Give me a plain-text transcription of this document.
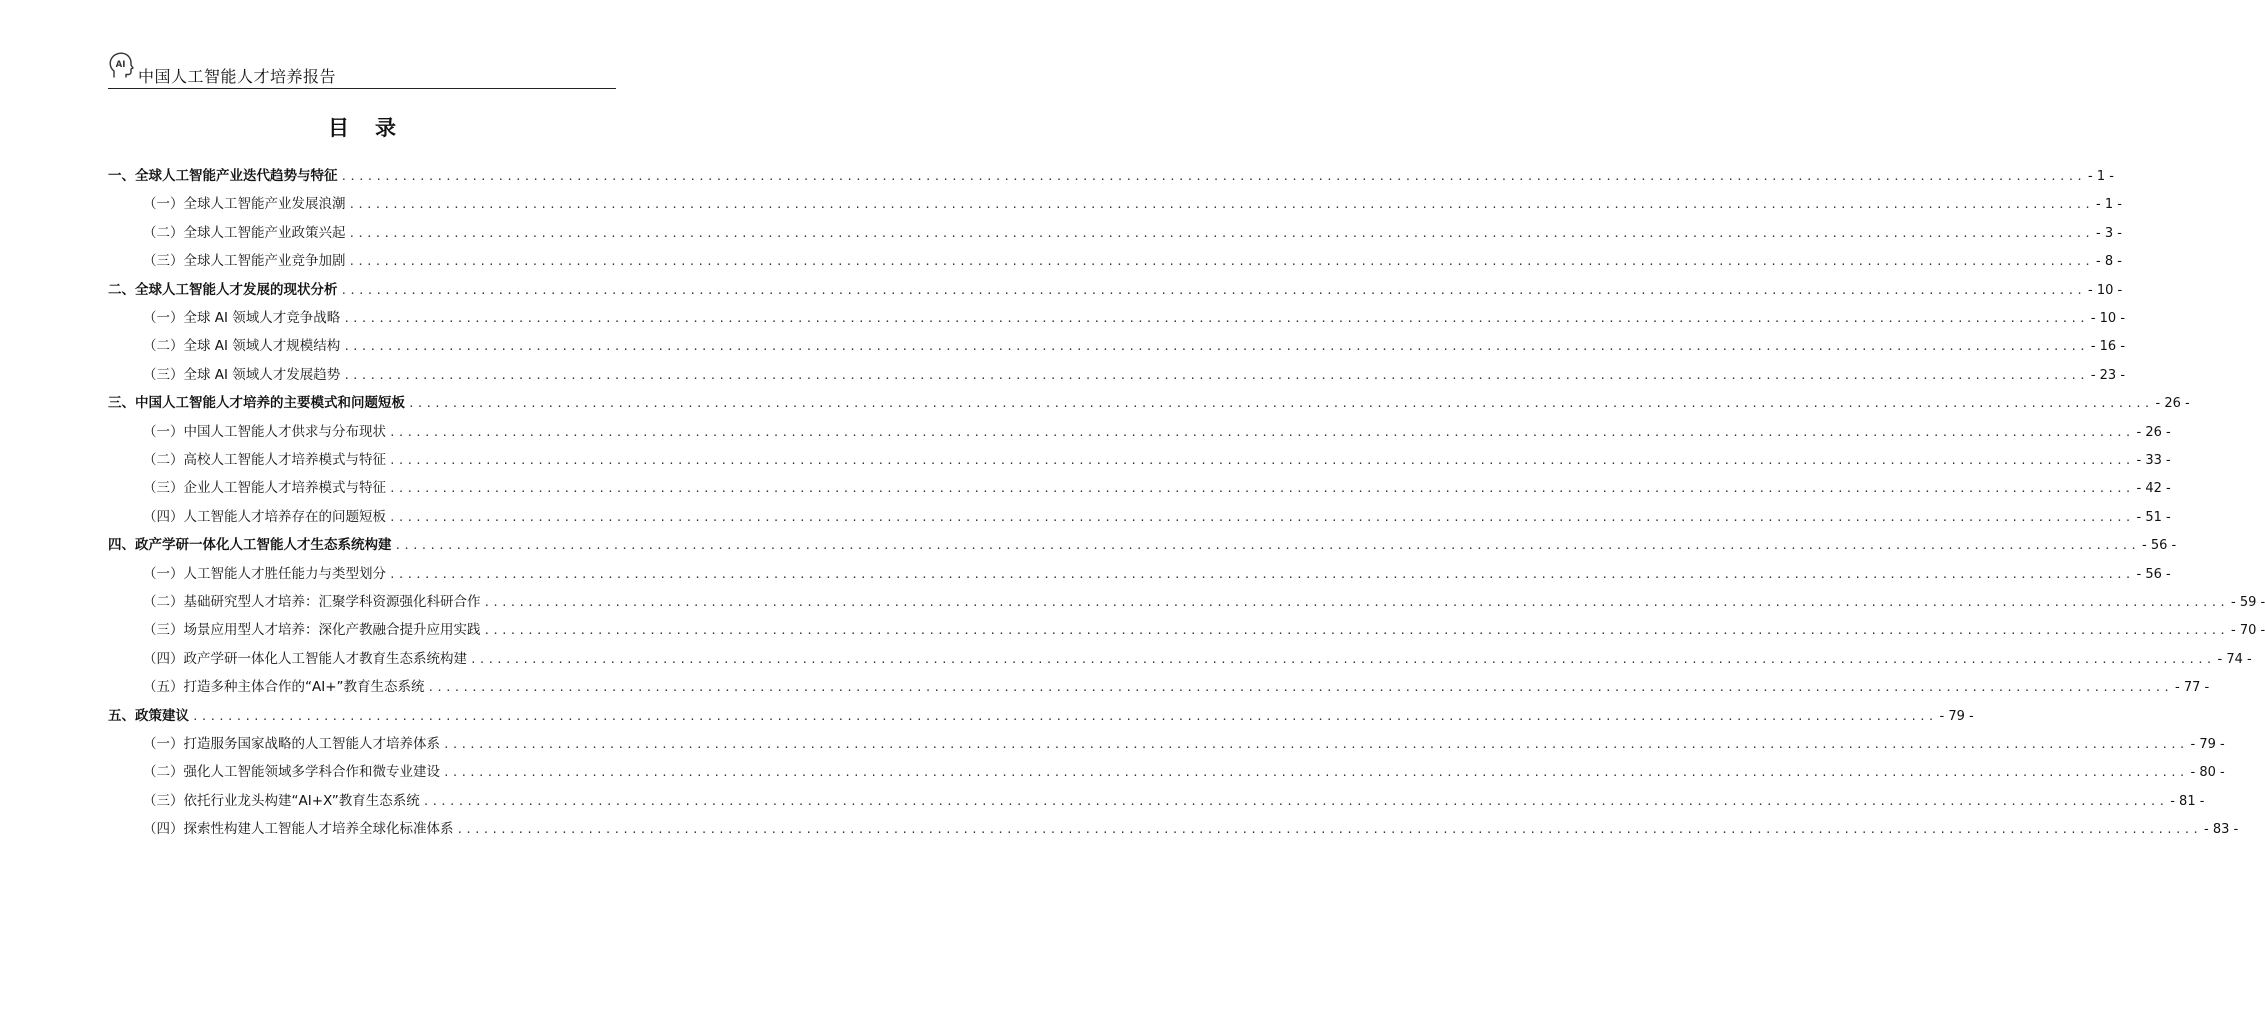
AI
中国人工智能人才培养报告
目录
一、全球人工智能产业迭代趋势与特征 ........................................................................................................................................................................................................ - 1 -
（一）全球人工智能产业发展浪潮 ........................................................................................................................................................................................................ - 1 -
（二）全球人工智能产业政策兴起 ........................................................................................................................................................................................................ - 3 -
（三）全球人工智能产业竞争加剧 ........................................................................................................................................................................................................ - 8 -
二、全球人工智能人才发展的现状分析 ........................................................................................................................................................................................................ - 10 -
（一）全球 AI 领域人才竞争战略 ........................................................................................................................................................................................................ - 10 -
（二）全球 AI 领域人才规模结构 ........................................................................................................................................................................................................ - 16 -
（三）全球 AI 领域人才发展趋势 ........................................................................................................................................................................................................ - 23 -
三、中国人工智能人才培养的主要模式和问题短板 ........................................................................................................................................................................................................ - 26 -
（一）中国人工智能人才供求与分布现状 ........................................................................................................................................................................................................ - 26 -
（二）高校人工智能人才培养模式与特征 ........................................................................................................................................................................................................ - 33 -
（三）企业人工智能人才培养模式与特征 ........................................................................................................................................................................................................ - 42 -
（四）人工智能人才培养存在的问题短板 ........................................................................................................................................................................................................ - 51 -
四、政产学研一体化人工智能人才生态系统构建 ........................................................................................................................................................................................................ - 56 -
（一）人工智能人才胜任能力与类型划分 ........................................................................................................................................................................................................ - 56 -
（二）基础研究型人才培养：汇聚学科资源强化科研合作 ........................................................................................................................................................................................................ - 59 -
（三）场景应用型人才培养：深化产教融合提升应用实践 ........................................................................................................................................................................................................ - 70 -
（四）政产学研一体化人工智能人才教育生态系统构建 ........................................................................................................................................................................................................ - 74 -
（五）打造多种主体合作的“AI+”教育生态系统 ........................................................................................................................................................................................................ - 77 -
五、政策建议 ........................................................................................................................................................................................................ - 79 -
（一）打造服务国家战略的人工智能人才培养体系 ........................................................................................................................................................................................................ - 79 -
（二）强化人工智能领域多学科合作和微专业建设 ........................................................................................................................................................................................................ - 80 -
（三）依托行业龙头构建“AI+X”教育生态系统 ........................................................................................................................................................................................................ - 81 -
（四）探索性构建人工智能人才培养全球化标准体系 ........................................................................................................................................................................................................ - 83 -
